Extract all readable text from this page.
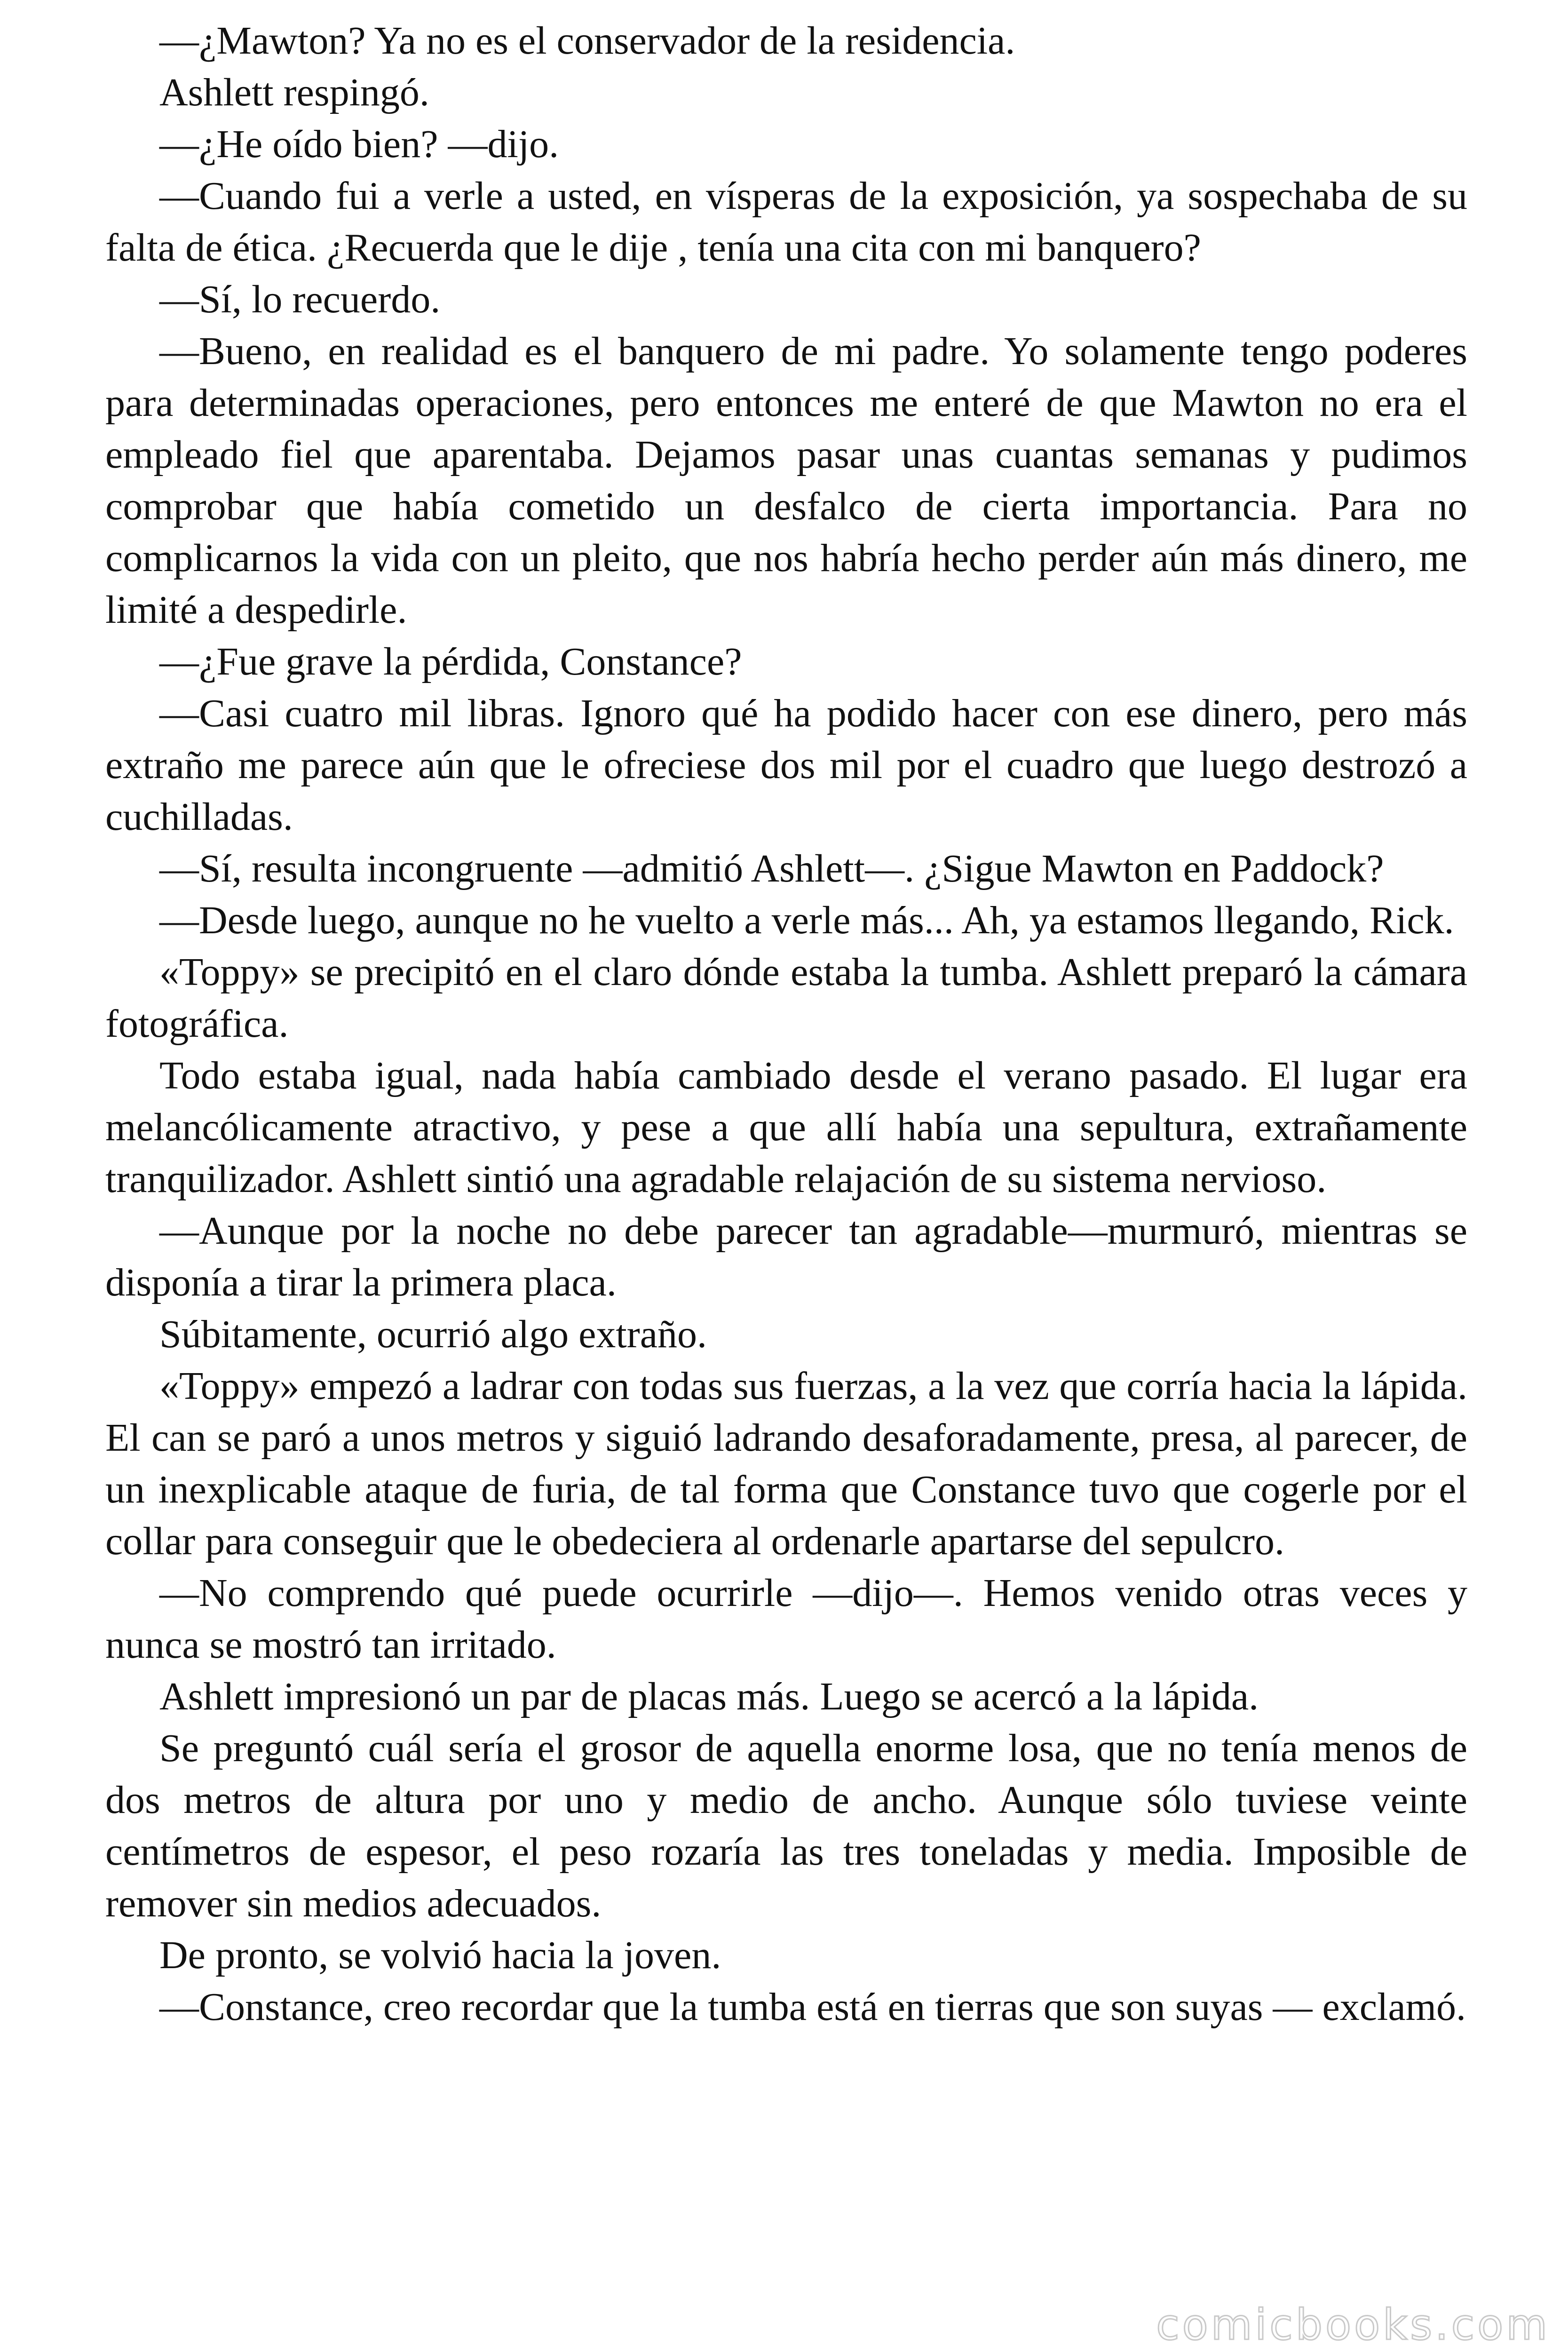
—¿Mawton? Ya no es el conservador de la residencia.

Ashlett respingó.

—¿He oído bien? —dijo.

—Cuando fui a verle a usted, en vísperas de la exposición, ya sospechaba de su falta de ética. ¿Recuerda que le dije , tenía una cita con mi banquero?

—Sí, lo recuerdo.

—Bueno, en realidad es el banquero de mi padre. Yo solamente tengo poderes para determinadas operaciones, pero entonces me enteré de que Mawton no era el empleado fiel que aparentaba. Dejamos pasar unas cuantas semanas y pudimos comprobar que había cometido un desfalco de cierta importancia. Para no complicarnos la vida con un pleito, que nos habría hecho perder aún más dinero, me limité a despedirle.

—¿Fue grave la pérdida, Constance?

—Casi cuatro mil libras. Ignoro qué ha podido hacer con ese dinero, pero más extraño me parece aún que le ofreciese dos mil por el cuadro que luego destrozó a cuchilladas.

—Sí, resulta incongruente —admitió Ashlett—. ¿Sigue Mawton en Paddock?

—Desde luego, aunque no he vuelto a verle más... Ah, ya estamos llegando, Rick.

«Toppy» se precipitó en el claro dónde estaba la tumba. Ashlett preparó la cámara fotográfica.

Todo estaba igual, nada había cambiado desde el verano pasado. El lugar era melancólicamente atractivo, y pese a que allí había una sepultura, extrañamente tranquilizador. Ashlett sintió una agradable relajación de su sistema nervioso.

—Aunque por la noche no debe parecer tan agradable—murmuró, mientras se disponía a tirar la primera placa.

Súbitamente, ocurrió algo extraño.

«Toppy» empezó a ladrar con todas sus fuerzas, a la vez que corría hacia la lápida. El can se paró a unos metros y siguió ladrando desaforadamente, presa, al parecer, de un inexplicable ataque de furia, de tal forma que Constance tuvo que cogerle por el collar para conseguir que le obedeciera al ordenarle apartarse del sepulcro.

—No comprendo qué puede ocurrirle —dijo—. Hemos venido otras veces y nunca se mostró tan irritado.

Ashlett impresionó un par de placas más. Luego se acercó a la lápida.

Se preguntó cuál sería el grosor de aquella enorme losa, que no tenía menos de dos metros de altura por uno y medio de ancho. Aunque sólo tuviese veinte centímetros de espesor, el peso rozaría las tres toneladas y media. Imposible de remover sin medios adecuados.

De pronto, se volvió hacia la joven.

—Constance, creo recordar que la tumba está en tierras que son suyas — exclamó.

comicbooks.com
